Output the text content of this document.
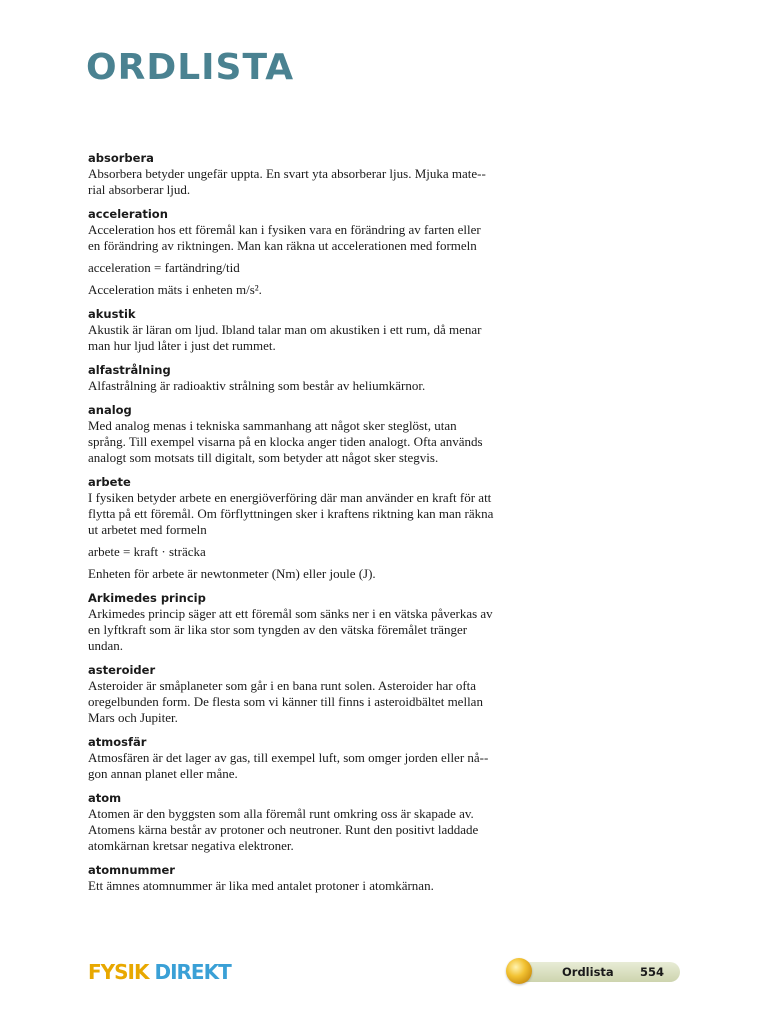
ORDLISTA
absorbera

Absorbera betyder ungefär uppta. En svart yta absorberar ljus. Mjuka mate-rial absorberar ljud.

acceleration

Acceleration hos ett föremål kan i fysiken vara en förändring av farten eller en förändring av riktningen. Man kan räkna ut accelerationen med formeln

acceleration = fartändring/tid

Acceleration mäts i enheten m/s².

akustik

Akustik är läran om ljud. Ibland talar man om akustiken i ett rum, då menar man hur ljud låter i just det rummet.

alfastrålning

Alfastrålning är radioaktiv strålning som består av heliumkärnor.

analog

Med analog menas i tekniska sammanhang att något sker steglöst, utan språng. Till exempel visarna på en klocka anger tiden analogt. Ofta används analogt som motsats till digitalt, som betyder att något sker stegvis.

arbete

I fysiken betyder arbete en energiöverföring där man använder en kraft för att flytta på ett föremål. Om förflyttningen sker i kraftens riktning kan man räkna ut arbetet med formeln

arbete = kraft · sträcka

Enheten för arbete är newtonmeter (Nm) eller joule (J).

Arkimedes princip

Arkimedes princip säger att ett föremål som sänks ner i en vätska påverkas av en lyftkraft som är lika stor som tyngden av den vätska föremålet tränger undan.

asteroider

Asteroider är småplaneter som går i en bana runt solen. Asteroider har ofta oregelbunden form. De flesta som vi känner till finns i asteroidbältet mellan Mars och Jupiter.

atmosfär

Atmosfären är det lager av gas, till exempel luft, som omger jorden eller nå-gon annan planet eller måne.

atom

Atomen är den byggsten som alla föremål runt omkring oss är skapade av. Atomens kärna består av protoner och neutroner. Runt den positivt laddade atomkärnan kretsar negativa elektroner.

atomnummer

Ett ämnes atomnummer är lika med antalet protoner i atomkärnan.

FYSIK DIREKT	Ordlista 554
